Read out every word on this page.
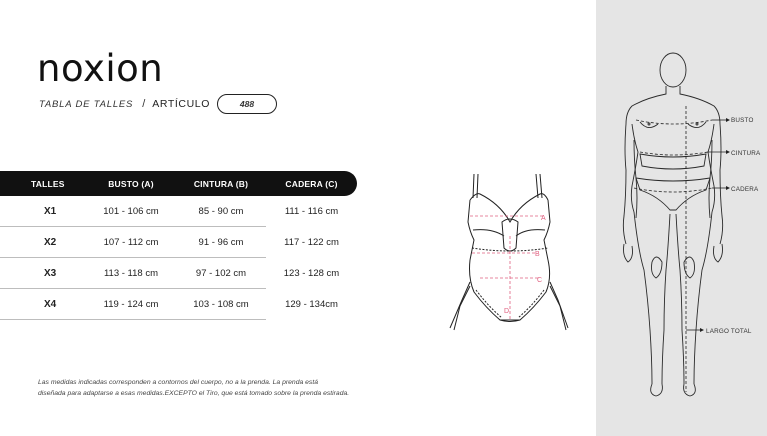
noxion
TABLA DE TALLES / ARTÍCULO	488
TALLES	BUSTO (A)	CINTURA (B)	CADERA (C)
X1	101 - 106 cm	85 - 90 cm	111 - 116 cm
X2	107 - 112 cm	91 - 96 cm	117 - 122 cm
X3	113 - 118 cm	97 - 102 cm	123 - 128 cm
X4	119 - 124 cm	103 - 108 cm	129 - 134cm

Las medidas indicadas corresponden a contornos del cuerpo, no a la prenda. La prenda está
diseñada para adaptarse a esas medidas.EXCEPTO el Tiro, que está tomado sobre la prenda estirada.

A
B
C
D
BUSTO
CINTURA
CADERA
LARGO TOTAL
